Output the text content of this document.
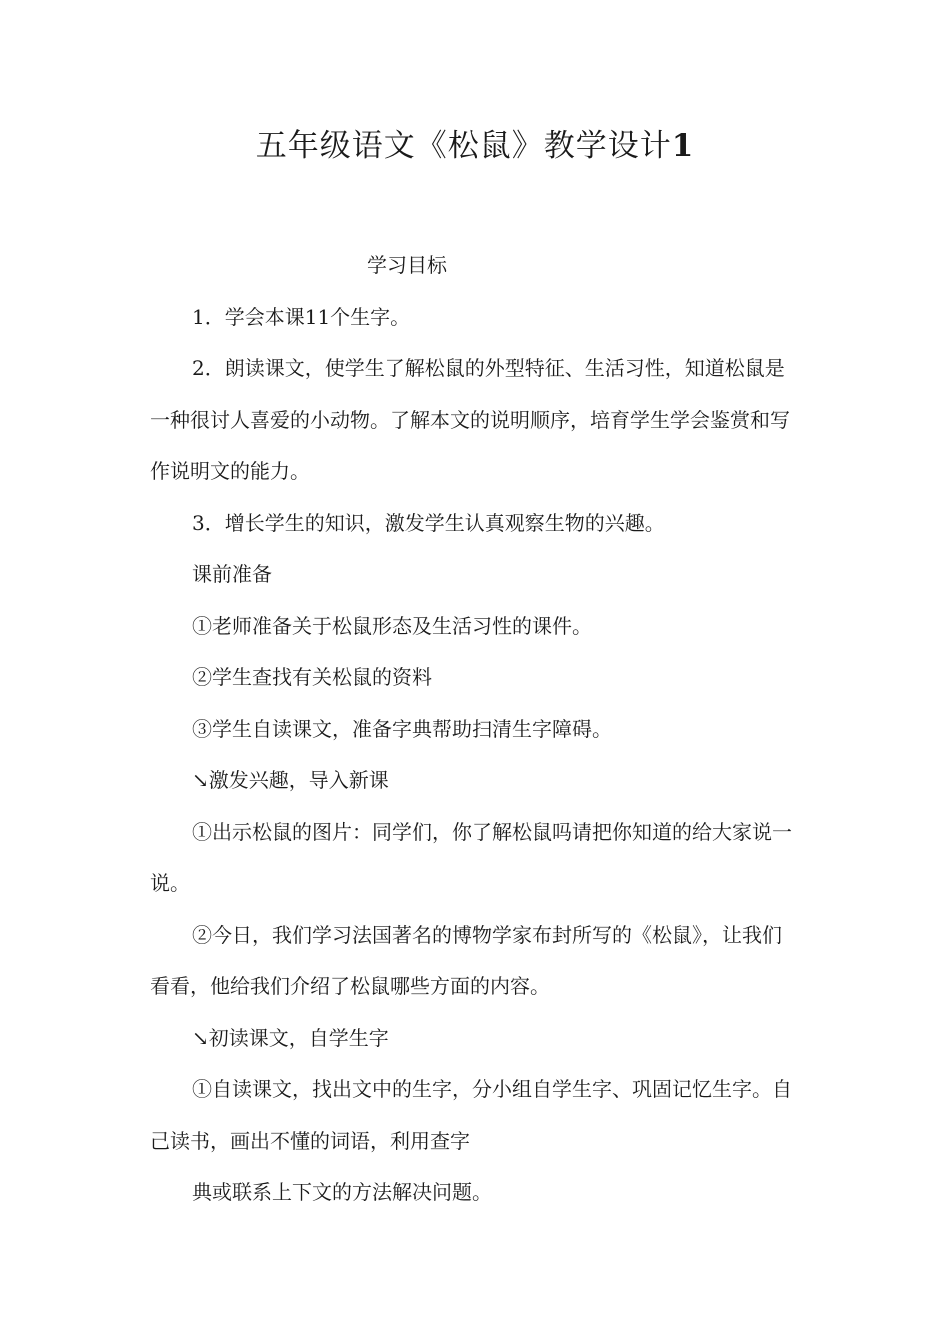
五年级语文《松鼠》教学设计1

学习目标

1．学会本课11个生字。

2．朗读课文，使学生了解松鼠的外型特征、生活习性，知道松鼠是一种很讨人喜爱的小动物。了解本文的说明顺序，培育学生学会鉴赏和写作说明文的能力。

3．增长学生的知识，激发学生认真观察生物的兴趣。

课前准备

①老师准备关于松鼠形态及生活习性的课件。

②学生查找有关松鼠的资料

③学生自读课文，准备字典帮助扫清生字障碍。

↘激发兴趣，导入新课

①出示松鼠的图片：同学们，你了解松鼠吗请把你知道的给大家说一说。

②今日，我们学习法国著名的博物学家布封所写的《松鼠》，让我们看看，他给我们介绍了松鼠哪些方面的内容。

↘初读课文，自学生字

①自读课文，找出文中的生字，分小组自学生字、巩固记忆生字。自己读书，画出不懂的词语，利用查字

典或联系上下文的方法解决问题。
